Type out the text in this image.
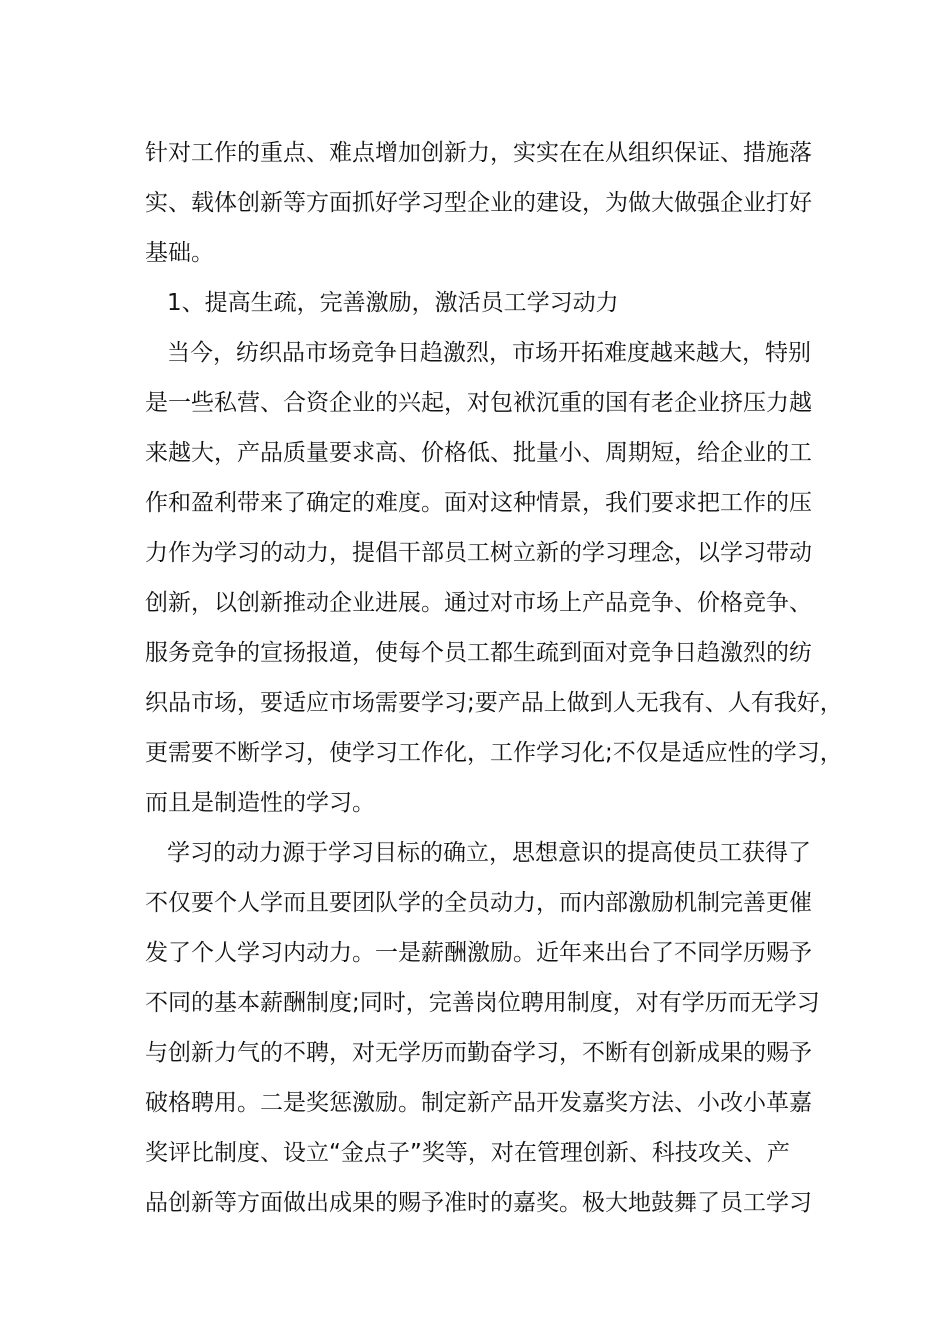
针对工作的重点、难点增加创新力，实实在在从组织保证、措施落
实、载体创新等方面抓好学习型企业的建设，为做大做强企业打好
基础。
1、提高生疏，完善激励，激活员工学习动力
当今，纺织品市场竞争日趋激烈，市场开拓难度越来越大，特别
是一些私营、合资企业的兴起，对包袱沉重的国有老企业挤压力越
来越大，产品质量要求高、价格低、批量小、周期短，给企业的工
作和盈利带来了确定的难度。面对这种情景，我们要求把工作的压
力作为学习的动力，提倡干部员工树立新的学习理念，以学习带动
创新，以创新推动企业进展。通过对市场上产品竞争、价格竞争、
服务竞争的宣扬报道，使每个员工都生疏到面对竞争日趋激烈的纺
织品市场，要适应市场需要学习;要产品上做到人无我有、人有我好，
更需要不断学习，使学习工作化，工作学习化;不仅是适应性的学习，
而且是制造性的学习。
学习的动力源于学习目标的确立，思想意识的提高使员工获得了
不仅要个人学而且要团队学的全员动力，而内部激励机制完善更催
发了个人学习内动力。一是薪酬激励。近年来出台了不同学历赐予
不同的基本薪酬制度;同时，完善岗位聘用制度，对有学历而无学习
与创新力气的不聘，对无学历而勤奋学习，不断有创新成果的赐予
破格聘用。二是奖惩激励。制定新产品开发嘉奖方法、小改小革嘉
奖评比制度、设立“金点子”奖等，对在管理创新、科技攻关、产
品创新等方面做出成果的赐予准时的嘉奖。极大地鼓舞了员工学习
